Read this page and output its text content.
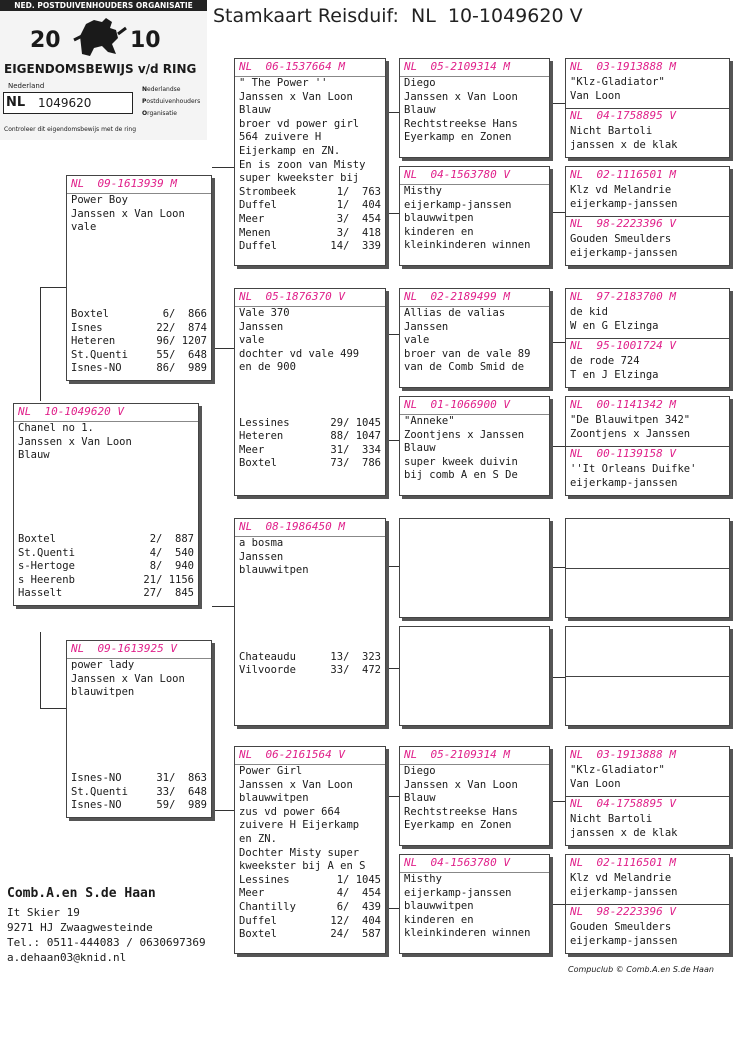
Stamkaart Reisduif:  NL  10-1049620 V
NED. POSTDUIVENHOUDERS ORGANISATIE
20	10
EIGENDOMSBEWIJS v/d RING
Nederland
NL 1049620
Nederlandse
Postduivenhouders
Organisatie
Controleer dit eigendomsbewijs met de ring
NL  10-1049620 V
Chanel no 1.
Janssen x Van Loon
Blauw
Boxtel	2/  887
St.Quenti	4/  540
s-Hertoge	8/  940
s Heerenb	21/ 1156
Hasselt	27/  845
NL  09-1613939 M
Power Boy
Janssen x Van Loon
vale
Boxtel	6/  866
Isnes	22/  874
Heteren	96/ 1207
St.Quenti	55/  648
Isnes-NO	86/  989
NL  09-1613925 V
power lady
Janssen x Van Loon
blauwitpen
Isnes-NO	31/  863
St.Quenti	33/  648
Isnes-NO	59/  989
NL  06-1537664 M
" The Power ''
Janssen x Van Loon
Blauw
broer vd power girl
564 zuivere H
Eijerkamp en ZN.
En is zoon van Misty
super kweekster bij
Strombeek	1/  763
Duffel	1/  404
Meer	3/  454
Menen	3/  418
Duffel	14/  339
NL  05-1876370 V
Vale 370
Janssen
vale
dochter vd vale 499
en de 900
Lessines	29/ 1045
Heteren	88/ 1047
Meer	31/  334
Boxtel	73/  786
NL  08-1986450 M
a bosma
Janssen
blauwwitpen
Chateaudu	13/  323
Vilvoorde	33/  472
NL  06-2161564 V
Power Girl
Janssen x Van Loon
blauwwitpen
zus vd power 664
zuivere H Eijerkamp
en ZN.
Dochter Misty super
kweekster bij A en S
Lessines	1/ 1045
Meer	4/  454
Chantilly	6/  439
Duffel	12/  404
Boxtel	24/  587
NL  05-2109314 M
Diego
Janssen x Van Loon
Blauw
Rechtstreekse Hans
Eyerkamp en Zonen
NL  04-1563780 V
Misthy
eijerkamp-janssen
blauwwitpen
kinderen en
kleinkinderen winnen
NL  02-2189499 M
Allias de valias
Janssen
vale
broer van de vale 89
van de Comb Smid de
NL  01-1066900 V
"Anneke"
Zoontjens x Janssen
Blauw
super kweek duivin
bij comb A en S De
NL  05-2109314 M
Diego
Janssen x Van Loon
Blauw
Rechtstreekse Hans
Eyerkamp en Zonen
NL  04-1563780 V
Misthy
eijerkamp-janssen
blauwwitpen
kinderen en
kleinkinderen winnen
NL  03-1913888 M
"Klz-Gladiator"
Van Loon
NL  04-1758895 V
Nicht Bartoli
janssen x de klak
NL  02-1116501 M
Klz vd Melandrie
eijerkamp-janssen
NL  98-2223396 V
Gouden Smeulders
eijerkamp-janssen
NL  97-2183700 M
de kid
W en G Elzinga
NL  95-1001724 V
de rode 724
T en J Elzinga
NL  00-1141342 M
"De Blauwitpen 342"
Zoontjens x Janssen
NL  00-1139158 V
''It Orleans Duifke'
eijerkamp-janssen
NL  03-1913888 M
"Klz-Gladiator"
Van Loon
NL  04-1758895 V
Nicht Bartoli
janssen x de klak
NL  02-1116501 M
Klz vd Melandrie
eijerkamp-janssen
NL  98-2223396 V
Gouden Smeulders
eijerkamp-janssen
Comb.A.en S.de Haan
It Skier 19
9271 HJ Zwaagwesteinde
Tel.: 0511-444083 / 0630697369
a.dehaan03@knid.nl
Compuclub © Comb.A.en S.de Haan
